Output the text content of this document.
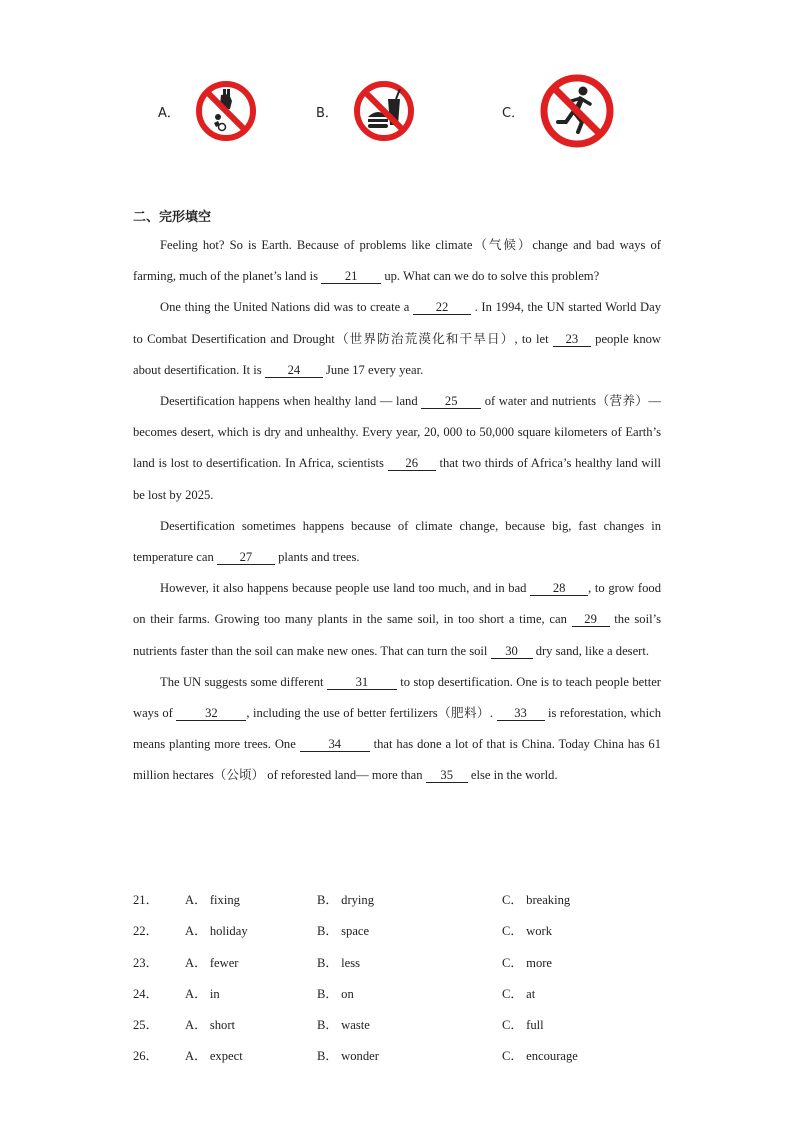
A．	B．	C．
二、完形填空

Feeling hot? So is Earth. Because of problems like climate（气候）change and bad ways of farming, much of the planet’s land is 21 up. What can we do to solve this problem?

One thing the United Nations did was to create a 22 . In 1994, the UN started World Day to Combat Desertification and Drought（世界防治荒漠化和干旱日）, to let 23 people know about desertification. It is 24 June 17 every year.

Desertification happens when healthy land — land 25 of water and nutrients（营养）—becomes desert, which is dry and unhealthy. Every year, 20, 000 to 50,000 square kilometers of Earth’s land is lost to desertification. In Africa, scientists 26 that two thirds of Africa’s healthy land will be lost by 2025.

Desertification sometimes happens because of climate change, because big, fast changes in temperature can 27 plants and trees.

However, it also happens because people use land too much, and in bad 28 , to grow food on their farms. Growing too many plants in the same soil, in too short a time, can 29 the soil’s nutrients faster than the soil can make new ones. That can turn the soil 30 dry sand, like a desert.

The UN suggests some different 31 to stop desertification. One is to teach people better ways of 32 , including the use of better fertilizers（肥料）. 33 is reforestation, which means planting more trees. One 34 that has done a lot of that is China. Today China has 61 million hectares（公顷） of reforested land— more than 35 else in the world.

21． A． fixing	B． drying	C． breaking
22． A． holiday	B． space	C． work
23． A． fewer	B． less	C． more
24． A． in	B． on	C． at
25． A． short	B． waste	C． full
26． A． expect	B． wonder	C． encourage
